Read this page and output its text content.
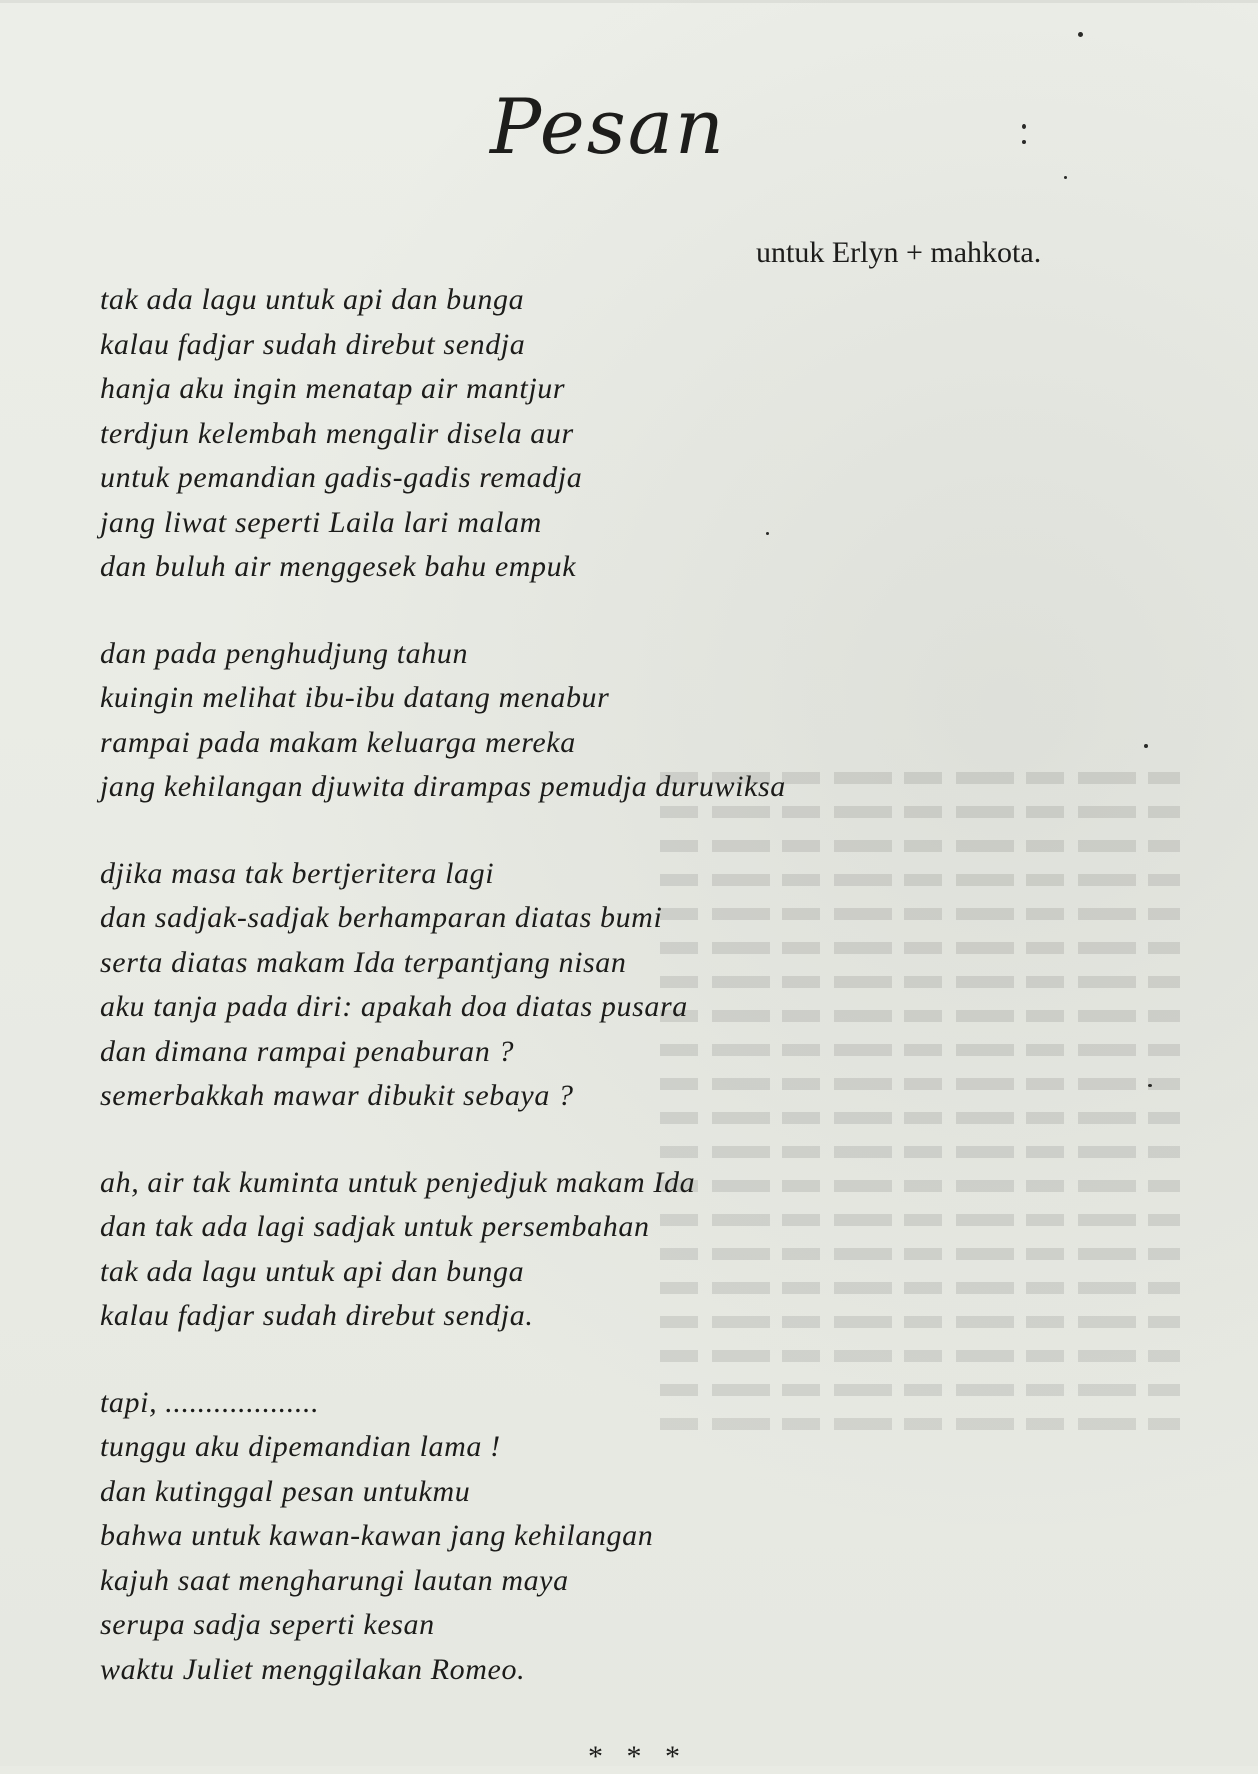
Pesan
untuk Erlyn + mahkota.
tak ada lagu untuk api dan bunga
kalau fadjar sudah direbut sendja
hanja aku ingin menatap air mantjur
terdjun kelembah mengalir disela aur
untuk pemandian gadis-gadis remadja
jang liwat seperti Laila lari malam
dan buluh air menggesek bahu empuk
dan pada penghudjung tahun
kuingin melihat ibu-ibu datang menabur
rampai pada makam keluarga mereka
jang kehilangan djuwita dirampas pemudja duruwiksa
djika masa tak bertjeritera lagi
dan sadjak-sadjak berhamparan diatas bumi
serta diatas makam Ida terpantjang nisan
aku tanja pada diri: apakah doa diatas pusara
dan dimana rampai penaburan ?
semerbakkah mawar dibukit sebaya ?
ah, air tak kuminta untuk penjedjuk makam Ida
dan tak ada lagi sadjak untuk persembahan
tak ada lagu untuk api dan bunga
kalau fadjar sudah direbut sendja.
tapi, ...................
tunggu aku dipemandian lama !
dan kutinggal pesan untukmu
bahwa untuk kawan-kawan jang kehilangan
kajuh saat mengharungi lautan maya
serupa sadja seperti kesan
waktu Juliet menggilakan Romeo.
* * *
